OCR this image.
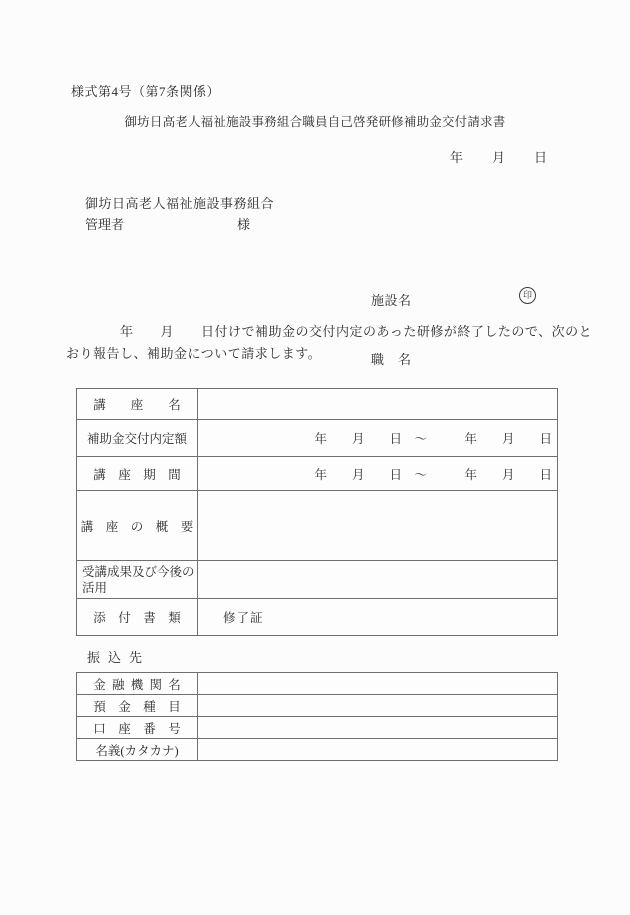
様式第4号（第7条関係）
御坊日高老人福祉施設事務組合職員自己啓発研修補助金交付請求書
年　　月　　日
御坊日高老人福祉施設事務組合
管理者	様

施設名

職　名

印
　　　　年　　月　　日付けで補助金の交付内定のあった研修が終了したので、次のと
おり報告し、補助金について請求します。
講　　座　　名	
補助金交付内定額	年　　月　　日　～　　　年　　月　　日
講　座　期　間	年　　月　　日　～　　　年　　月　　日
講　座　の　概　要	
受講成果及び今後の活用	
添　付　書　類	修了証
振  込  先
金  融  機  関  名	
預　金　種　目	
口　座　番　号	
名義(カタカナ)	
